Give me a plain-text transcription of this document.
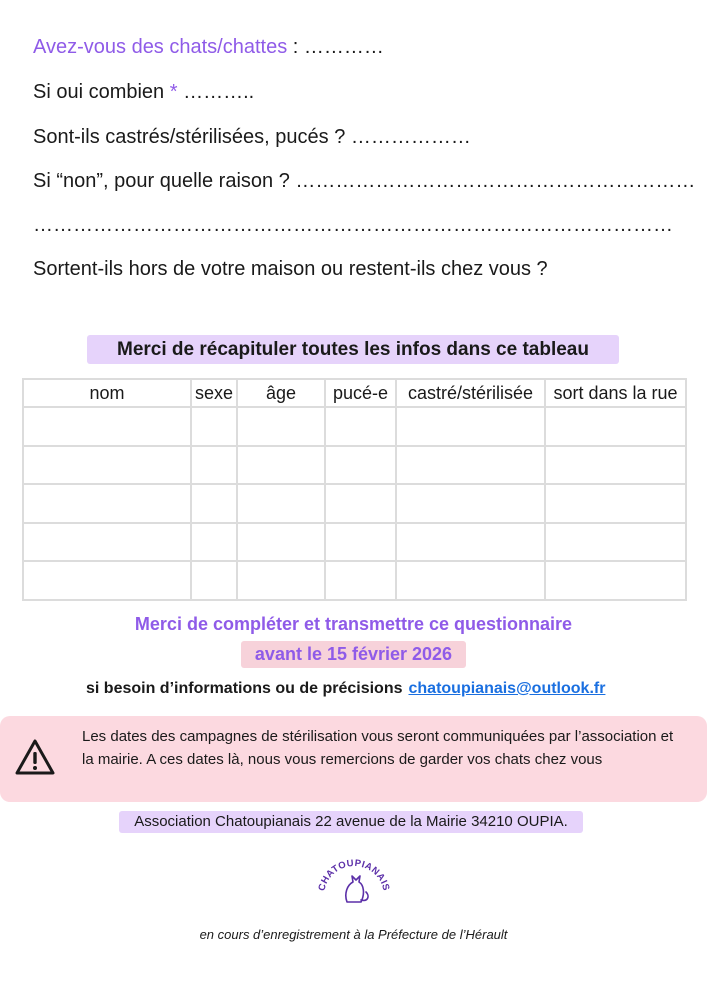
Avez-vous des chats/chattes : …………
Si oui combien * ………..
Sont-ils castrés/stérilisées, pucés ? ………………
Si “non”, pour quelle raison ? ……………………………………………………
……………………………………………………………………………………
Sortent-ils hors de votre maison ou restent-ils chez vous ?
Merci de récapituler toutes les infos dans ce tableau
nom	sexe	âge	pucé-e	castré/stérilisée	sort dans la rue

Merci de compléter et transmettre ce questionnaire
avant le 15 février 2026
si besoin d’informations ou de précisions chatoupianais@outlook.fr
Les dates des campagnes de stérilisation vous seront communiquées par l’association et la mairie. A ces dates là, nous vous remercions de garder vos chats chez vous
Association Chatoupianais 22 avenue de la Mairie 34210 OUPIA.
CHATOUPIANAIS
en cours d’enregistrement à la Préfecture de l’Hérault
